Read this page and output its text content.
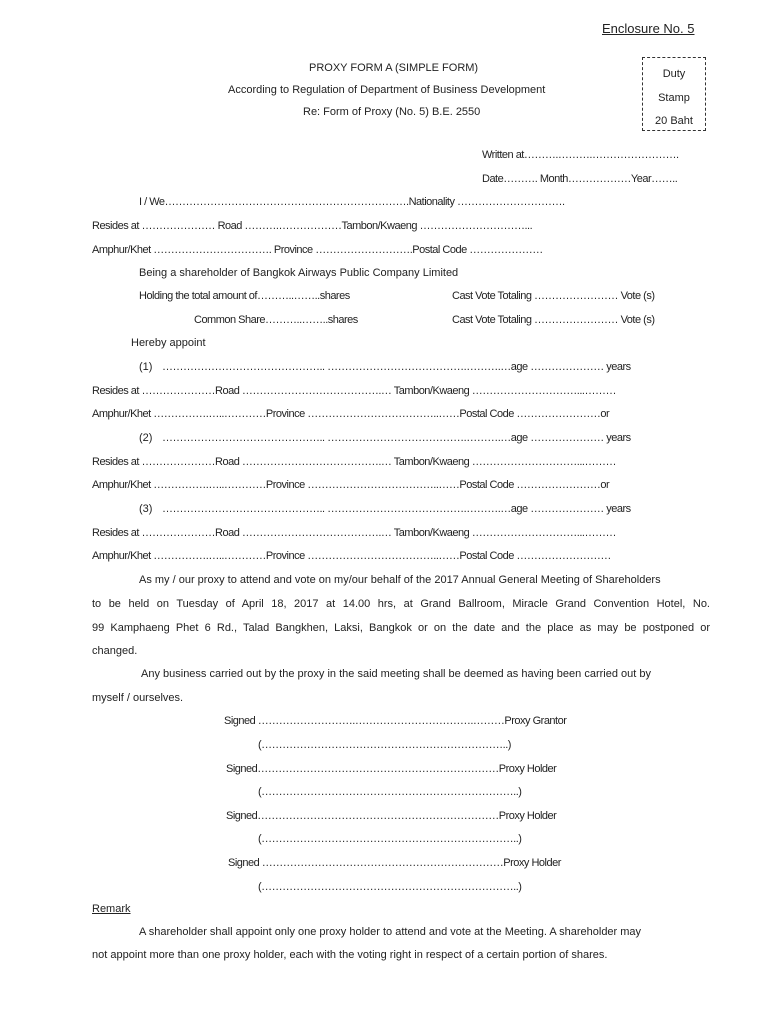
Enclosure No. 5
PROXY FORM A (SIMPLE FORM)
According to Regulation of Department of Business Development
Re: Form of Proxy (No. 5) B.E. 2550
Duty
Stamp
20 Baht
Written at……….……….…………………….
Date………. Month………………Year……..
I / We…………………………………………………………….Nationality ………………………….
Resides at ………………… Road ……….………………Tambon/Kwaeng …………………………...
Amphur/Khet ……………………………. Province ……………………….Postal Code …………………
Being a shareholder of Bangkok Airways Public Company Limited
Holding the total amount of………..……..shares	Cast Vote Totaling …………………… Vote (s)
Common Share………..……..shares	Cast Vote Totaling …………………… Vote (s)
Hereby appoint
(1) ……………………………………….. ………………………………….……….…age ………………… years
Resides at …………………Road ………………………………….… Tambon/Kwaeng …………………………...………
Amphur/Khet …………….…..…………Province ………………………………..……Postal Code ……………………or
(2) ……………………………………….. ………………………………….……….…age ………………… years
Resides at …………………Road ………………………………….… Tambon/Kwaeng …………………………...………
Amphur/Khet …………….…..…………Province ………………………………..……Postal Code ……………………or
(3) ……………………………………….. ………………………………….……….…age ………………… years
Resides at …………………Road ………………………………….… Tambon/Kwaeng …………………………...………
Amphur/Khet …………….…..…………Province ………………………………..……Postal Code ………………………
As my / our proxy to attend and vote on my/our behalf of the 2017 Annual General Meeting of Shareholders
to be held on Tuesday of April 18, 2017 at 14.00 hrs, at Grand Ballroom, Miracle Grand Convention Hotel, No.
99 Kamphaeng Phet 6 Rd., Talad Bangkhen, Laksi, Bangkok or on the date and the place as may be postponed or
changed.
Any business carried out by the proxy in the said meeting shall be deemed as having been carried out by
myself / ourselves.
Signed ……………………….…………………………….………Proxy Grantor
(……………………………………………………………..)
Signed……………………………………………………………Proxy Holder
(………………………………………………………………..)
Signed……………………………………………………………Proxy Holder
(………………………………………………………………..)
Signed ……………………………………………………………Proxy Holder
(………………………………………………………………..)
Remark
A shareholder shall appoint only one proxy holder to attend and vote at the Meeting. A shareholder may
not appoint more than one proxy holder, each with the voting right in respect of a certain portion of shares.
